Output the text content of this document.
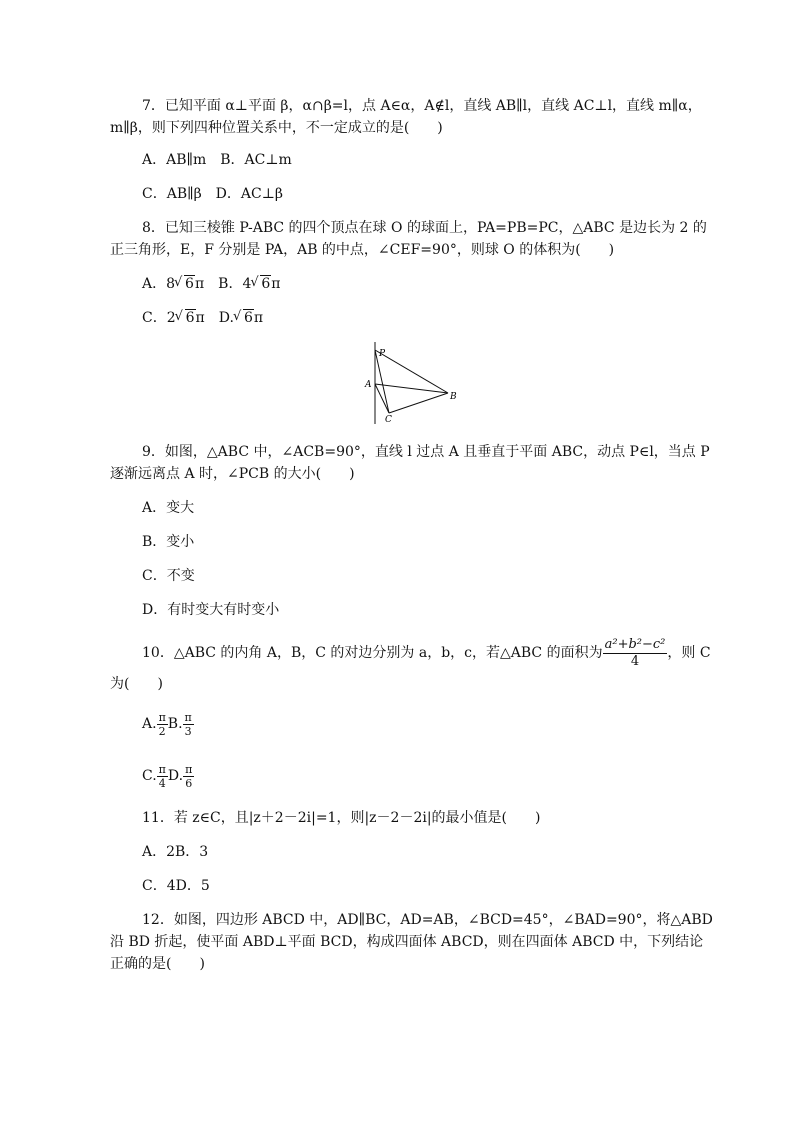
7．已知平面 α⊥平面 β，α∩β=l，点 A∈α，A∉l，直线 AB∥l，直线 AC⊥l，直线 m∥α，
m∥β，则下列四种位置关系中，不一定成立的是(　　)
A．AB∥m  B．AC⊥m
C．AB∥β  D．AC⊥β
8．已知三棱锥 P-ABC 的四个顶点在球 O 的球面上，PA=PB=PC，△ABC 是边长为 2 的
正三角形，E，F 分别是 PA，AB 的中点，∠CEF=90°，则球 O 的体积为(　　)
A．8 √ 6π  B．4 √ 6π
C．2 √ 6π  D. √ 6π
P
A
B
C
9．如图，△ABC 中，∠ACB=90°，直线 l 过点 A 且垂直于平面 ABC，动点 P∈l，当点 P
逐渐远离点 A 时，∠PCB 的大小(　　)
A．变大
B．变小
C．不变
D．有时变大有时变小
10．△ABC 的内角 A，B，C 的对边分别为 a，b，c，若△ABC 的面积为 $\frac{\text{a²+b²−c²}}{4}$ ，则 C
为(　　)
A. $\frac{\pi}{2} B$. $\frac{\pi}{3}$
C. $\frac{\pi}{4} D$. $\frac{\pi}{6}$
11．若 z∈C，且|z＋2－2i|=1，则|z－2－2i|的最小值是(　　)
A．2B．3
C．4D．5
12．如图，四边形 ABCD 中，AD∥BC，AD=AB，∠BCD=45°，∠BAD=90°，将△ABD
沿 BD 折起，使平面 ABD⊥平面 BCD，构成四面体 ABCD，则在四面体 ABCD 中，下列结论
正确的是(　　)
